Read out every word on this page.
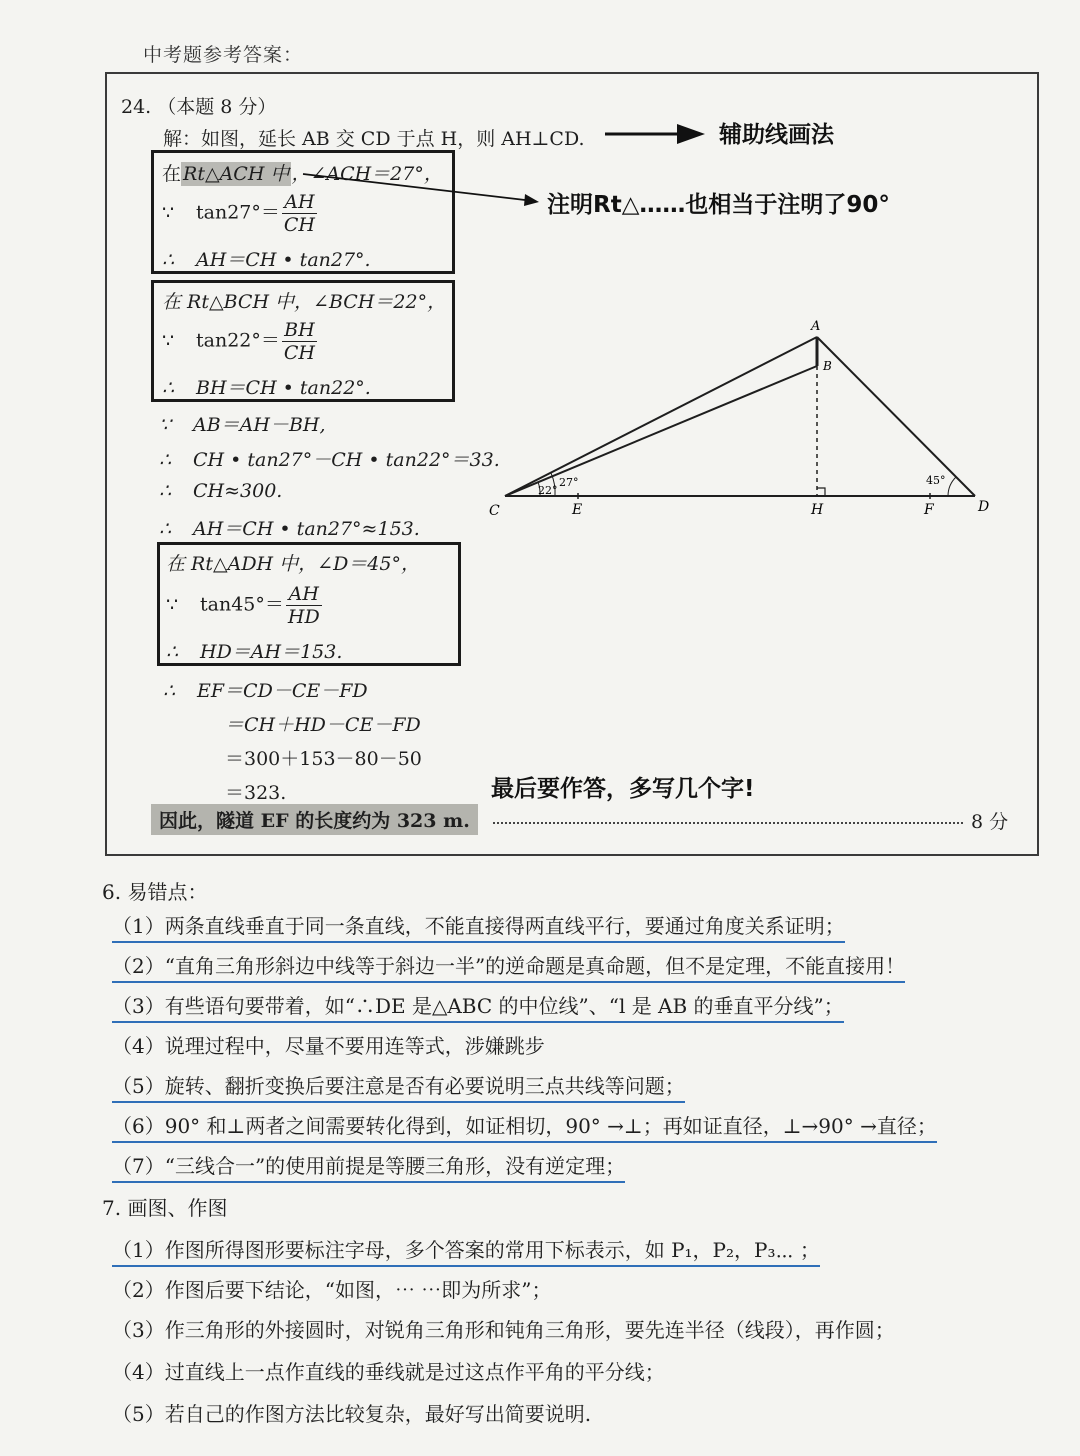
中考题参考答案：
24. （本题 8 分）
解：如图，延长 AB 交 CD 于点 H，则 AH⊥CD.
在 Rt△ACH 中 ，∠ACH＝27°，
∵ $\tan 27^\circ= \frac{AH}{CH}$
∴ AH＝CH • tan27°.
在 Rt△BCH 中，∠BCH＝22°，
∵ $\tan 22^\circ= \frac{BH}{CH}$
∴ BH＝CH • tan22°.
∵ AB＝AH－BH,
∴ CH • tan27°－CH • tan22°＝33.
∴ CH≈300.
∴ AH＝CH • tan27°≈153.
在 Rt△ADH 中，∠D＝45°，
∵ $\tan 45^\circ= \frac{AH}{HD}$
∴ HD＝AH＝153.
∴ EF＝CD－CE－FD
＝CH＋HD－CE－FD
＝300＋153－80－50
＝323.
因此，隧道 EF 的长度约为 323 m.	8 分
辅助线画法
注明Rt△……也相当于注明了90°
最后要作答，多写几个字!
A
B
C	D
E	F
H
22°
27°	45°
6. 易错点：
（1）两条直线垂直于同一条直线，不能直接得两直线平行，要通过角度关系证明；
（2）“直角三角形斜边中线等于斜边一半”的逆命题是真命题，但不是定理，不能直接用！
（3）有些语句要带着，如“∴DE 是△ABC 的中位线”、“l 是 AB 的垂直平分线”；
（4）说理过程中，尽量不要用连等式，涉嫌跳步
（5）旋转、翻折变换后要注意是否有必要说明三点共线等问题；
（6）90° 和⊥两者之间需要转化得到，如证相切，90° →⊥；再如证直径，⊥→90° →直径；
（7）“三线合一”的使用前提是等腰三角形，没有逆定理；
7. 画图、作图
（1）作图所得图形要标注字母，多个答案的常用下标表示，如 P₁，P₂，P₃⋯ ；
（2）作图后要下结论，“如图，⋯ ⋯即为所求”；
（3）作三角形的外接圆时，对锐角三角形和钝角三角形，要先连半径（线段），再作圆；
（4）过直线上一点作直线的垂线就是过这点作平角的平分线；
（5）若自己的作图方法比较复杂，最好写出简要说明.
